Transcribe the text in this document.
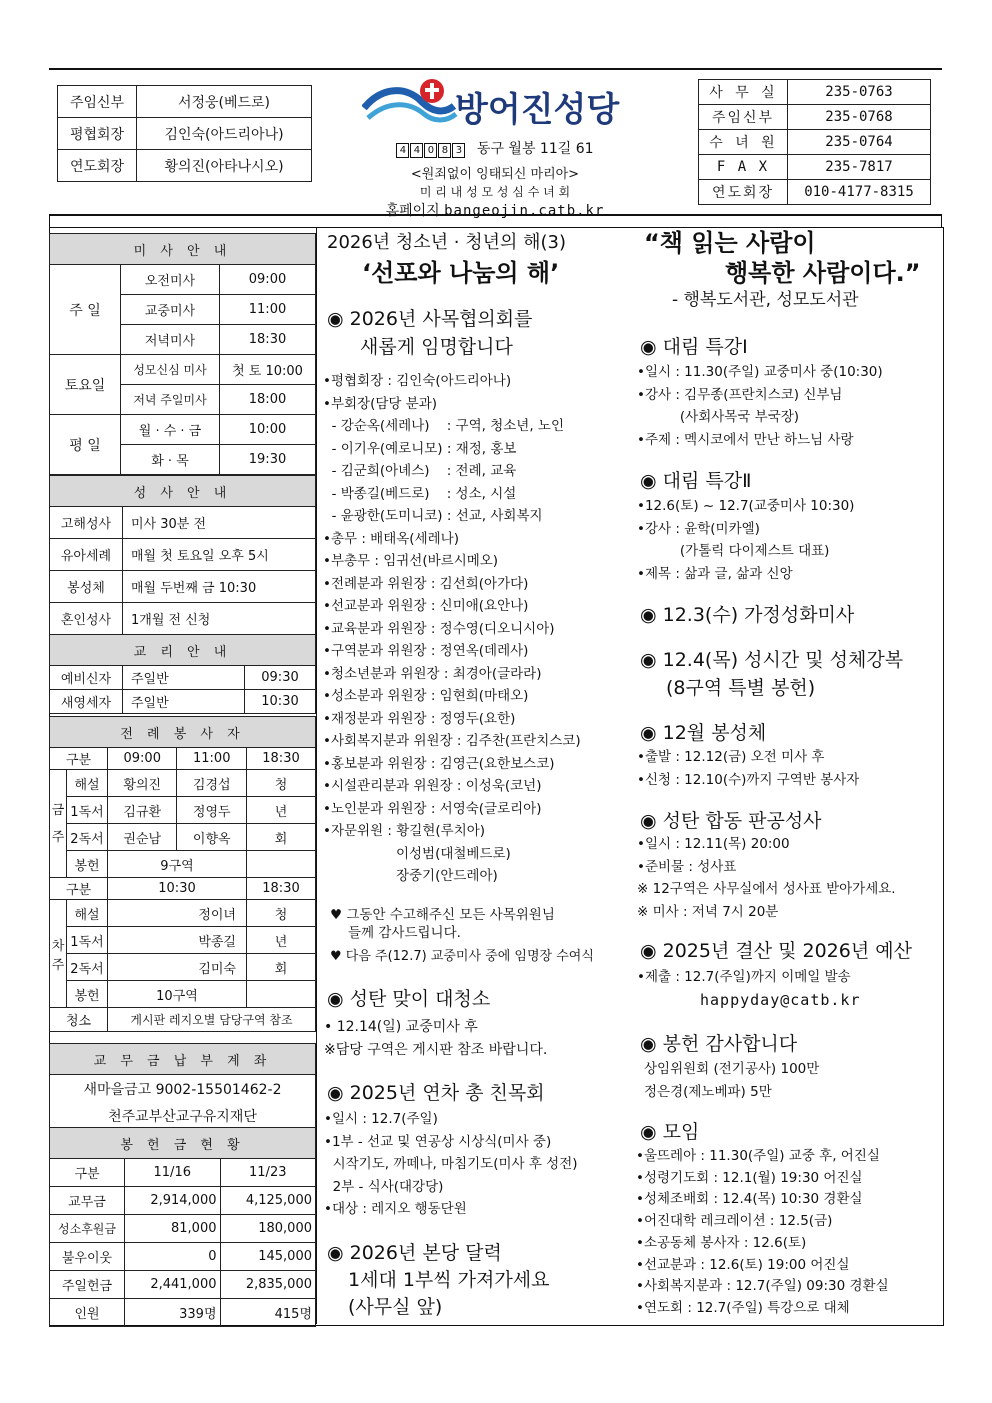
주임신부	서정웅(베드로)
평협회장	김인숙(아드리아나)
연도회장	황의진(아타나시오)
방어진성당
4 4 0 8 3 동구 월봉 11길 61
<원죄없이 잉태되신 마리아>
미 리 내 성 모 성 심 수 녀 회
홈페이지 bangeojin.catb.kr
사 무 실	235-0763
주임신부	235-0768
수 녀 원	235-0764
F A X	235-7817
연도회장	010-4177-8315
미 사 안 내		
주 일	오전미사	09:00
	교중미사	11:00
	저녁미사	18:30
토요일	성모신심 미사	첫 토 10:00
	저녁 주일미사	18:00
평 일	월 · 수 · 금	10:00
	화 · 목	19:30
성 사 안 내	
고해성사	미사 30분 전
유아세례	매월 첫 토요일 오후 5시
봉성체	매월 두번째 금 10:30
혼인성사	1개월 전 신청
교 리 안 내		
예비신자	주일반	09:30
새영세자	주일반	10:30
전 례 봉 사 자				
구분		09:00	11:00	18:30
금주	해설	황의진	김경섭	청
	1독서	김규환	정영두	년
	2독서	권순남	이향옥	회
	봉헌	9구역		
구분		10:30		18:30
차주	해설	정이녀		청
	1독서	박종길		년
	2독서	김미숙		회
	봉헌	10구역		
청소		게시판 레지오별 담당구역 참조		
교 무 금 납 부 계 좌
새마을금고 9002-15501462-2
천주교부산교구유지재단
봉 헌 금 현 황		
구분	11/16	11/23
교무금	2,914,000	4,125,000
성소후원금	81,000	180,000
불우이웃	0	145,000
주일헌금	2,441,000	2,835,000
인원	339명	415명
2026년 청소년 · 청년의 해(3)
‘선포와 나눔의 해’
◉ 2026년 사목협의회를
새롭게 임명합니다
•평협회장 : 김인숙(아드리아나)
•부회장(담당 분과)
- 강순옥(세레나)    : 구역, 청소년, 노인
- 이기우(예로니모) : 재정, 홍보
- 김군희(아녜스)    : 전례, 교육
- 박종길(베드로)    : 성소, 시설
- 윤광한(도미니코) : 선교, 사회복지
•총무 : 배태옥(세레나)
•부총무 : 임귀선(바르시메오)
•전례분과 위원장 : 김선희(아가다)
•선교분과 위원장 : 신미애(요안나)
•교육분과 위원장 : 정수영(디오니시아)
•구역분과 위원장 : 정연옥(데레사)
•청소년분과 위원장 : 최경아(글라라)
•성소분과 위원장 : 임현희(마태오)
•재정분과 위원장 : 정영두(요한)
•사회복지분과 위원장 : 김주찬(프란치스코)
•홍보분과 위원장 : 김영근(요한보스코)
•시설관리분과 위원장 : 이성욱(코넌)
•노인분과 위원장 : 서영숙(글로리아)
•자문위원 : 황길현(루치아)
이성범(대철베드로)
장중기(안드레아)
♥ 그동안 수고해주신 모든 사목위원님
들께 감사드립니다.
♥ 다음 주(12.7) 교중미사 중에 임명장 수여식
◉ 성탄 맞이 대청소
• 12.14(일) 교중미사 후
※담당 구역은 게시판 참조 바랍니다.
◉ 2025년 연차 총 친목회
•일시 : 12.7(주일)
•1부 - 선교 및 연공상 시상식(미사 중)
시작기도, 까떼나, 마침기도(미사 후 성전)
2부 - 식사(대강당)
•대상 : 레지오 행동단원
◉ 2026년 본당 달력
1세대 1부씩 가져가세요
(사무실 앞)
“책 읽는 사람이
행복한 사람이다.”
- 행복도서관, 성모도서관
◉ 대림 특강Ⅰ
•일시 : 11.30(주일) 교중미사 중(10:30)
•강사 : 김무종(프란치스코) 신부님
(사회사목국 부국장)
•주제 : 멕시코에서 만난 하느님 사랑
◉ 대림 특강Ⅱ
•12.6(토) ~ 12.7(교중미사 10:30)
•강사 : 윤학(미카엘)
(가톨릭 다이제스트 대표)
•제목 : 삶과 글, 삶과 신앙
◉ 12.3(수) 가정성화미사
◉ 12.4(목) 성시간 및 성체강복
(8구역 특별 봉헌)
◉ 12월 봉성체
•출발 : 12.12(금) 오전 미사 후
•신청 : 12.10(수)까지 구역반 봉사자
◉ 성탄 합동 판공성사
•일시 : 12.11(목) 20:00
•준비물 : 성사표
※ 12구역은 사무실에서 성사표 받아가세요.
※ 미사 : 저녁 7시 20분
◉ 2025년 결산 및 2026년 예산
•제출 : 12.7(주일)까지 이메일 발송
happyday@catb.kr
◉ 봉헌 감사합니다
상임위원회 (전기공사) 100만
정은경(제노베파) 5만
◉ 모임
•울뜨레아 : 11.30(주일) 교중 후, 어진실
•성령기도회 : 12.1(월) 19:30 어진실
•성체조배회 : 12.4(목) 10:30 경환실
•어진대학 레크레이션 : 12.5(금)
•소공동체 봉사자 : 12.6(토)
•선교분과 : 12.6(토) 19:00 어진실
•사회복지분과 : 12.7(주일) 09:30 경환실
•연도회 : 12.7(주일) 특강으로 대체
